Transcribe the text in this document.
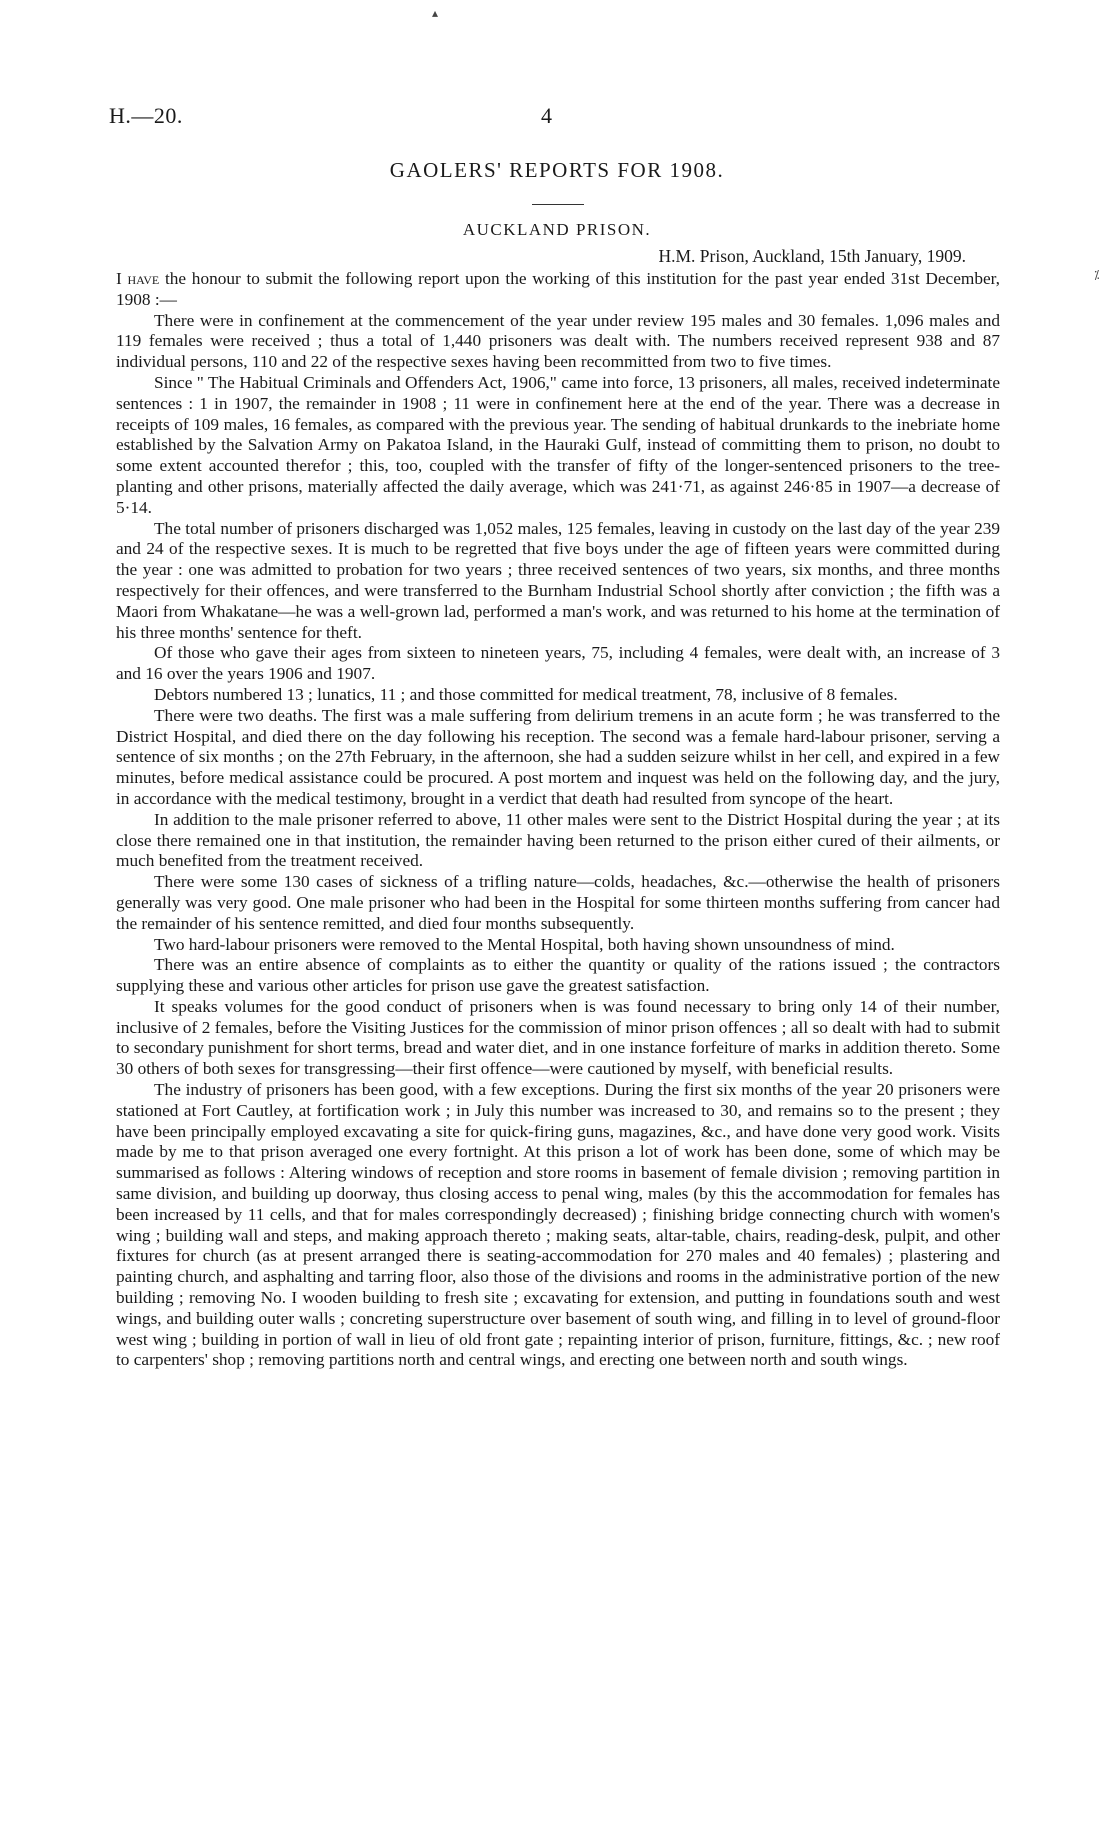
H.—20.	4
GAOLERS' REPORTS FOR 1908.
AUCKLAND PRISON.
H.M. Prison, Auckland, 15th January, 1909.

I have the honour to submit the following report upon the working of this institution for the past year ended 31st December, 1908 :—

There were in confinement at the commencement of the year under review 195 males and 30 females. 1,096 males and 119 females were received ; thus a total of 1,440 prisoners was dealt with. The numbers received represent 938 and 87 individual persons, 110 and 22 of the respective sexes having been recommitted from two to five times.

Since " The Habitual Criminals and Offenders Act, 1906," came into force, 13 prisoners, all males, received indeterminate sentences : 1 in 1907, the remainder in 1908 ; 11 were in confinement here at the end of the year. There was a decrease in receipts of 109 males, 16 females, as compared with the previous year. The sending of habitual drunkards to the inebriate home established by the Salvation Army on Pakatoa Island, in the Hauraki Gulf, instead of committing them to prison, no doubt to some extent accounted therefor ; this, too, coupled with the transfer of fifty of the longer-sentenced prisoners to the tree-planting and other prisons, materially affected the daily average, which was 241·71, as against 246·85 in 1907—a decrease of 5·14.

The total number of prisoners discharged was 1,052 males, 125 females, leaving in custody on the last day of the year 239 and 24 of the respective sexes. It is much to be regretted that five boys under the age of fifteen years were committed during the year : one was admitted to probation for two years ; three received sentences of two years, six months, and three months respectively for their offences, and were transferred to the Burnham Industrial School shortly after conviction ; the fifth was a Maori from Whakatane—he was a well-grown lad, performed a man's work, and was returned to his home at the termination of his three months' sentence for theft.

Of those who gave their ages from sixteen to nineteen years, 75, including 4 females, were dealt with, an increase of 3 and 16 over the years 1906 and 1907.

Debtors numbered 13 ; lunatics, 11 ; and those committed for medical treatment, 78, inclusive of 8 females.

There were two deaths. The first was a male suffering from delirium tremens in an acute form ; he was transferred to the District Hospital, and died there on the day following his reception. The second was a female hard-labour prisoner, serving a sentence of six months ; on the 27th February, in the afternoon, she had a sudden seizure whilst in her cell, and expired in a few minutes, before medical assistance could be procured. A post mortem and inquest was held on the following day, and the jury, in accordance with the medical testimony, brought in a verdict that death had resulted from syncope of the heart.

In addition to the male prisoner referred to above, 11 other males were sent to the District Hospital during the year ; at its close there remained one in that institution, the remainder having been returned to the prison either cured of their ailments, or much benefited from the treatment received.

There were some 130 cases of sickness of a trifling nature—colds, headaches, &c.—otherwise the health of prisoners generally was very good. One male prisoner who had been in the Hospital for some thirteen months suffering from cancer had the remainder of his sentence remitted, and died four months subsequently.

Two hard-labour prisoners were removed to the Mental Hospital, both having shown unsoundness of mind.

There was an entire absence of complaints as to either the quantity or quality of the rations issued ; the contractors supplying these and various other articles for prison use gave the greatest satisfaction.

It speaks volumes for the good conduct of prisoners when is was found necessary to bring only 14 of their number, inclusive of 2 females, before the Visiting Justices for the commission of minor prison offences ; all so dealt with had to submit to secondary punishment for short terms, bread and water diet, and in one instance forfeiture of marks in addition thereto. Some 30 others of both sexes for transgressing—their first offence—were cautioned by myself, with beneficial results.

The industry of prisoners has been good, with a few exceptions. During the first six months of the year 20 prisoners were stationed at Fort Cautley, at fortification work ; in July this number was increased to 30, and remains so to the present ; they have been principally employed excavating a site for quick-firing guns, magazines, &c., and have done very good work. Visits made by me to that prison averaged one every fortnight. At this prison a lot of work has been done, some of which may be summarised as follows : Altering windows of reception and store rooms in basement of female division ; removing partition in same division, and building up doorway, thus closing access to penal wing, males (by this the accommodation for females has been increased by 11 cells, and that for males correspondingly decreased) ; finishing bridge connecting church with women's wing ; building wall and steps, and making approach thereto ; making seats, altar-table, chairs, reading-desk, pulpit, and other fixtures for church (as at present arranged there is seating-accommodation for 270 males and 40 females) ; plastering and painting church, and asphalting and tarring floor, also those of the divisions and rooms in the administrative portion of the new building ; removing No. I wooden building to fresh site ; excavating for extension, and putting in foundations south and west wings, and building outer walls ; concreting superstructure over basement of south wing, and filling in to level of ground-floor west wing ; building in portion of wall in lieu of old front gate ; repainting interior of prison, furniture, fittings, &c. ; new roof to carpenters' shop ; removing partitions north and central wings, and erecting one between north and south wings.

▴
⁒
